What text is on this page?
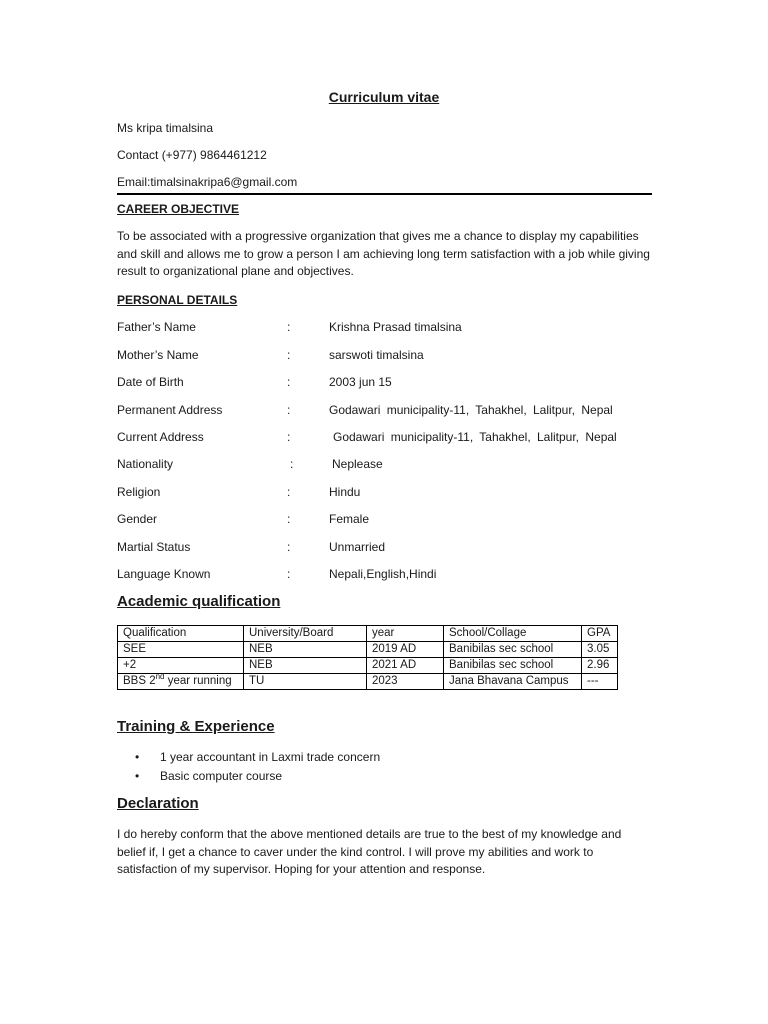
Curriculum vitae
Ms kripa timalsina
Contact (+977) 9864461212
Email:timalsinakripa6@gmail.com
CAREER OBJECTIVE
To be associated with a progressive organization that gives me a chance to display my capabilities and skill and allows me to grow a person I am achieving long term satisfaction with a job while giving result to organizational plane and objectives.
PERSONAL DETAILS
Father’s Name	:	Krishna Prasad timalsina
Mother’s Name	:	sarswoti timalsina
Date of Birth	:	2003 jun 15
Permanent Address	:	Godawari municipality-11, Tahakhel, Lalitpur, Nepal
Current Address	:	Godawari municipality-11, Tahakhel, Lalitpur, Nepal
Nationality	:	Neplease
Religion	:	Hindu
Gender	:	Female
Martial Status	:	Unmarried
Language Known	:	Nepali,English,Hindi
Academic qualification
Qualification	University/Board	year	School/Collage	GPA
SEE	NEB	2019 AD	Banibilas sec school	3.05
+2	NEB	2021 AD	Banibilas sec school	2.96
BBS 2nd year running	TU	2023	Jana Bhavana Campus	---
Training & Experience
• 1 year accountant in Laxmi trade concern
• Basic computer course
Declaration
I do hereby conform that the above mentioned details are true to the best of my knowledge and belief if, I get a chance to caver under the kind control. I will prove my abilities and work to satisfaction of my supervisor. Hoping for your attention and response.
